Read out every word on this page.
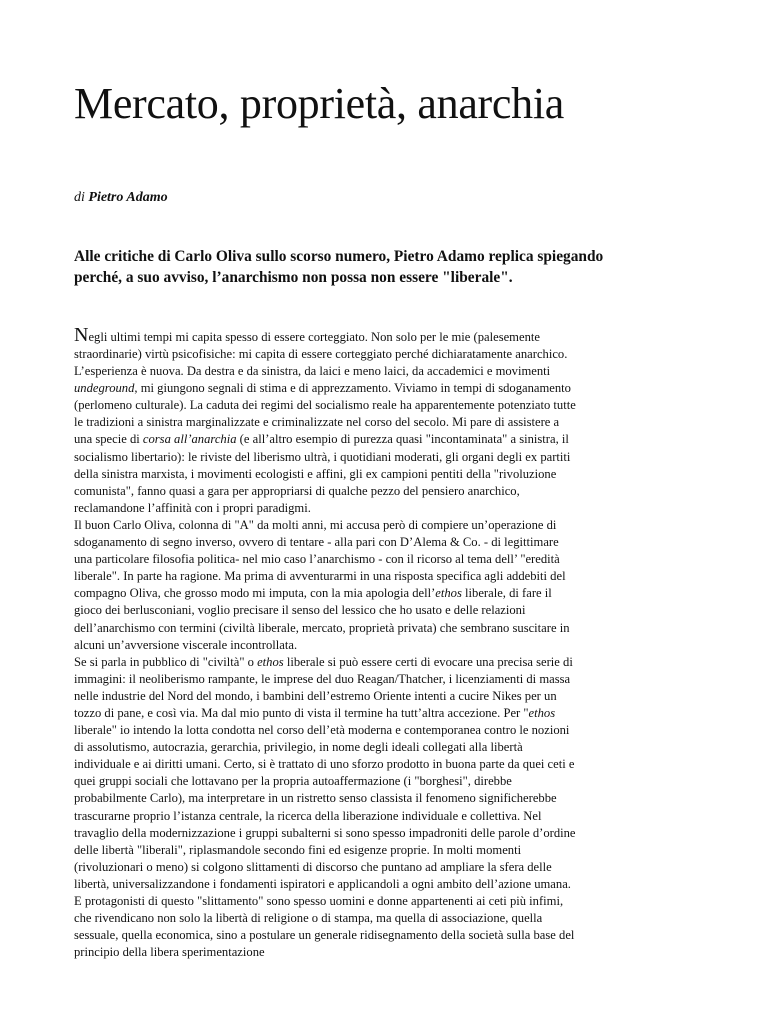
Mercato, proprietà, anarchia

di Pietro Adamo

Alle critiche di Carlo Oliva sullo scorso numero, Pietro Adamo replica spiegando
perché, a suo avviso, l’anarchismo non possa non essere "liberale".

Negli ultimi tempi mi capita spesso di essere corteggiato. Non solo per le mie (palesemente
straordinarie) virtù psicofisiche: mi capita di essere corteggiato perché dichiaratamente anarchico.
L’esperienza è nuova. Da destra e da sinistra, da laici e meno laici, da accademici e movimenti
undeground, mi giungono segnali di stima e di apprezzamento. Viviamo in tempi di sdoganamento
(perlomeno culturale). La caduta dei regimi del socialismo reale ha apparentemente potenziato tutte
le tradizioni a sinistra marginalizzate e criminalizzate nel corso del secolo. Mi pare di assistere a
una specie di corsa all’anarchia (e all’altro esempio di purezza quasi "incontaminata" a sinistra, il
socialismo libertario): le riviste del liberismo ultrà, i quotidiani moderati, gli organi degli ex partiti
della sinistra marxista, i movimenti ecologisti e affini, gli ex campioni pentiti della "rivoluzione
comunista", fanno quasi a gara per appropriarsi di qualche pezzo del pensiero anarchico,
reclamandone l’affinità con i propri paradigmi.
Il buon Carlo Oliva, colonna di "A" da molti anni, mi accusa però di compiere un’operazione di
sdoganamento di segno inverso, ovvero di tentare - alla pari con D’Alema & Co. - di legittimare
una particolare filosofia politica- nel mio caso l’anarchismo - con il ricorso al tema dell’ "eredità
liberale". In parte ha ragione. Ma prima di avventurarmi in una risposta specifica agli addebiti del
compagno Oliva, che grosso modo mi imputa, con la mia apologia dell’ethos liberale, di fare il
gioco dei berlusconiani, voglio precisare il senso del lessico che ho usato e delle relazioni
dell’anarchismo con termini (civiltà liberale, mercato, proprietà privata) che sembrano suscitare in
alcuni un’avversione viscerale incontrollata.
Se si parla in pubblico di "civiltà" o ethos liberale si può essere certi di evocare una precisa serie di
immagini: il neoliberismo rampante, le imprese del duo Reagan/Thatcher, i licenziamenti di massa
nelle industrie del Nord del mondo, i bambini dell’estremo Oriente intenti a cucire Nikes per un
tozzo di pane, e così via. Ma dal mio punto di vista il termine ha tutt’altra accezione. Per "ethos
liberale" io intendo la lotta condotta nel corso dell’età moderna e contemporanea contro le nozioni
di assolutismo, autocrazia, gerarchia, privilegio, in nome degli ideali collegati alla libertà
individuale e ai diritti umani. Certo, si è trattato di uno sforzo prodotto in buona parte da quei ceti e
quei gruppi sociali che lottavano per la propria autoaffermazione (i "borghesi", direbbe
probabilmente Carlo), ma interpretare in un ristretto senso classista il fenomeno significherebbe
trascurarne proprio l’istanza centrale, la ricerca della liberazione individuale e collettiva. Nel
travaglio della modernizzazione i gruppi subalterni si sono spesso impadroniti delle parole d’ordine
delle libertà "liberali", riplasmandole secondo fini ed esigenze proprie. In molti momenti
(rivoluzionari o meno) si colgono slittamenti di discorso che puntano ad ampliare la sfera delle
libertà, universalizzandone i fondamenti ispiratori e applicandoli a ogni ambito dell’azione umana.
E protagonisti di questo "slittamento" sono spesso uomini e donne appartenenti ai ceti più infimi,
che rivendicano non solo la libertà di religione o di stampa, ma quella di associazione, quella
sessuale, quella economica, sino a postulare un generale ridisegnamento della società sulla base del
principio della libera sperimentazione
